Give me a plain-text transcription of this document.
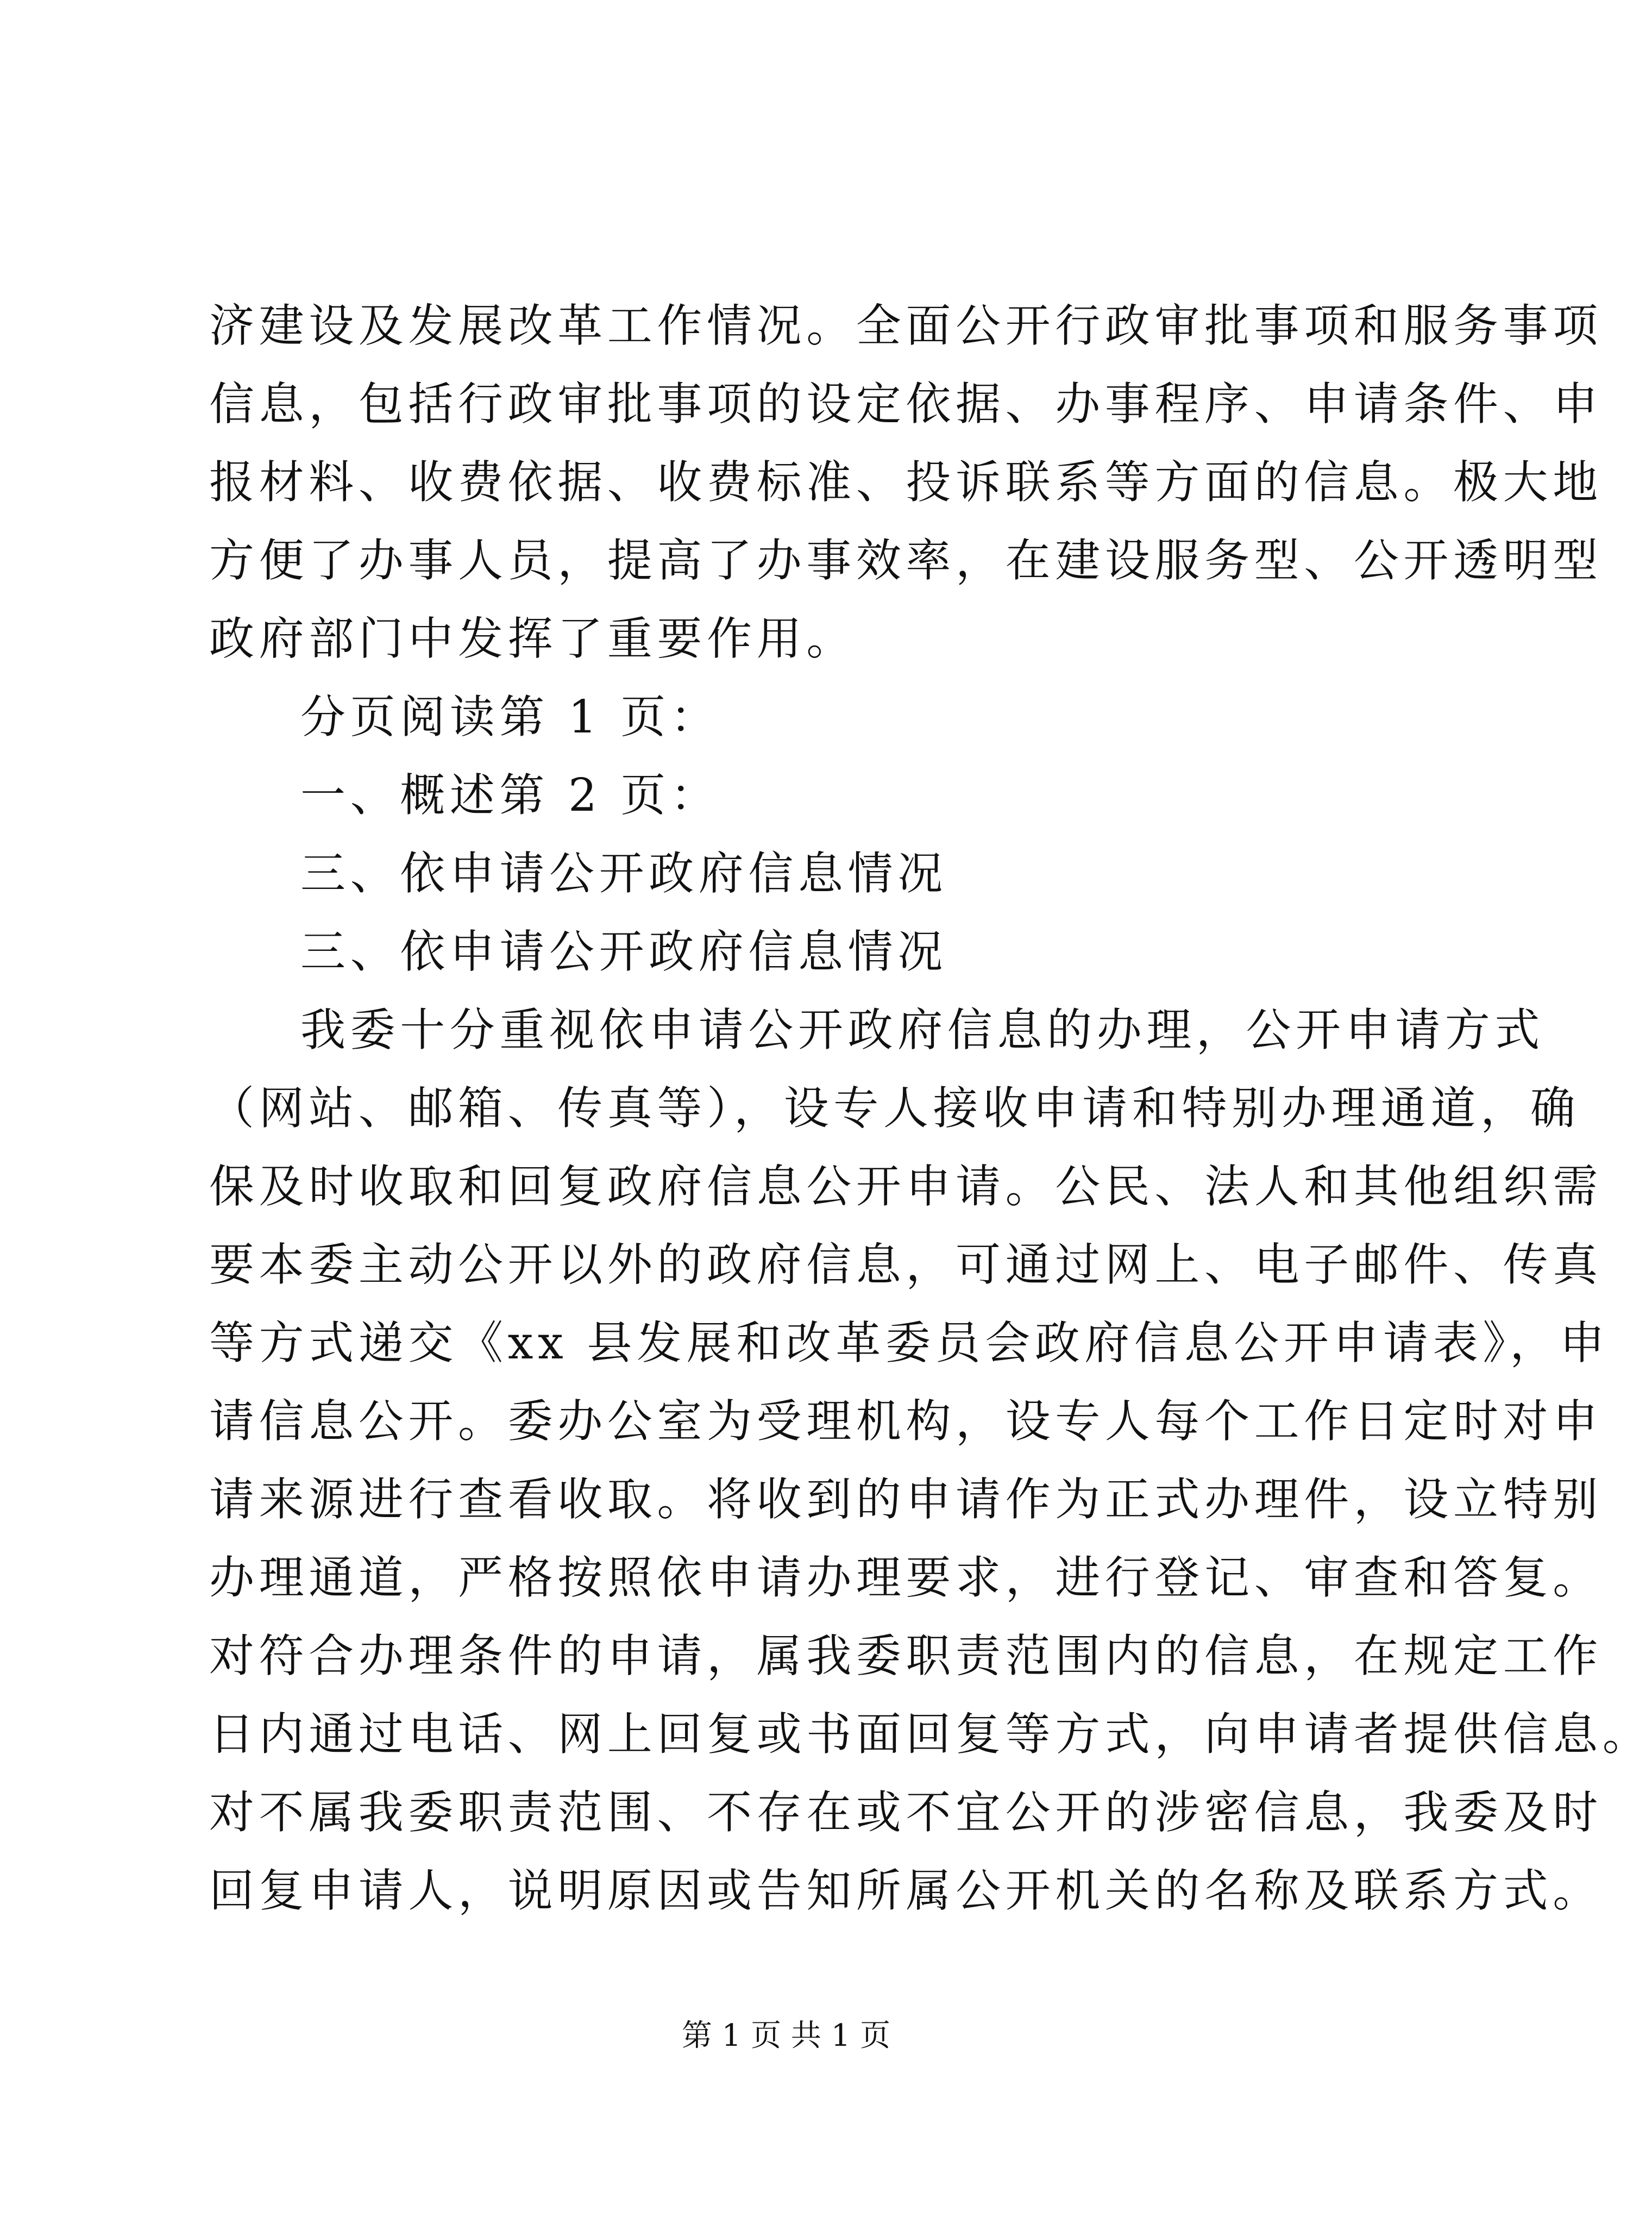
济建设及发展改革工作情况。全面公开行政审批事项和服务事项
信息，包括行政审批事项的设定依据、办事程序、申请条件、申
报材料、收费依据、收费标准、投诉联系等方面的信息。极大地
方便了办事人员，提高了办事效率，在建设服务型、公开透明型
政府部门中发挥了重要作用。
分页阅读第 1 页：
一、概述第 2 页：
三、依申请公开政府信息情况
三、依申请公开政府信息情况
我委十分重视依申请公开政府信息的办理，公开申请方式
（网站、邮箱、传真等），设专人接收申请和特别办理通道，确
保及时收取和回复政府信息公开申请。公民、法人和其他组织需
要本委主动公开以外的政府信息，可通过网上、电子邮件、传真
等方式递交《xx 县发展和改革委员会政府信息公开申请表》，申
请信息公开。委办公室为受理机构，设专人每个工作日定时对申
请来源进行查看收取。将收到的申请作为正式办理件，设立特别
办理通道，严格按照依申请办理要求，进行登记、审查和答复。
对符合办理条件的申请，属我委职责范围内的信息，在规定工作
日内通过电话、网上回复或书面回复等方式，向申请者提供信息。
对不属我委职责范围、不存在或不宜公开的涉密信息，我委及时
回复申请人，说明原因或告知所属公开机关的名称及联系方式。
第 1 页 共 1 页
